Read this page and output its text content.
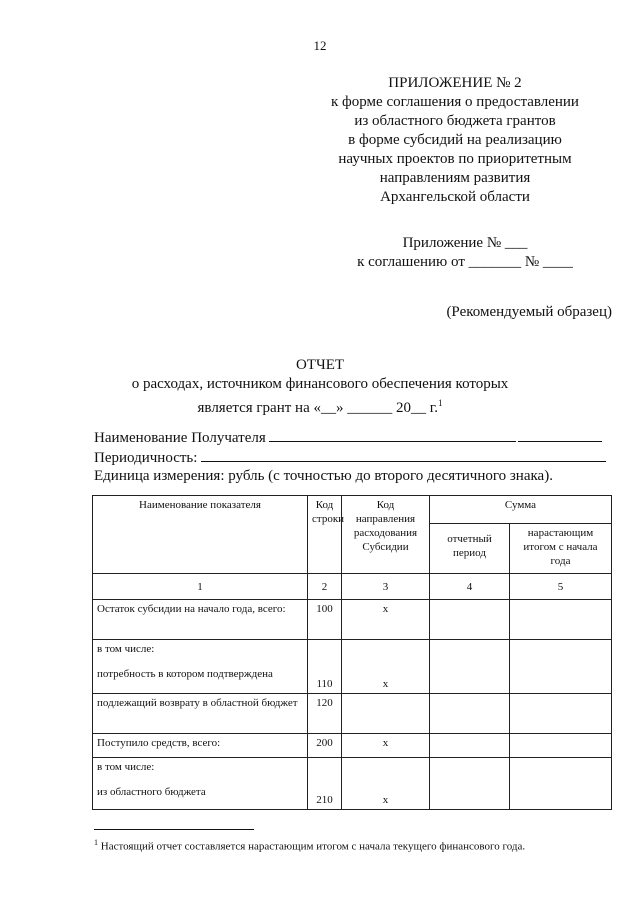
12
ПРИЛОЖЕНИЕ № 2
к форме соглашения о предоставлении
из областного бюджета грантов
в форме субсидий на реализацию
научных проектов по приоритетным
направлениям развития
Архангельской области
Приложение № ___
к соглашению от _______ № ____
(Рекомендуемый образец)
ОТЧЕТ
о расходах, источником финансового обеспечения которых
является грант на «__» ______ 20__ г.$^1$
Наименование Получателя
Периодичность:
Единица измерения: рубль (с точностью до второго десятичного знака).
Наименование показателя	Код строки	Код направления расходования Субсидии	Сумма	
			отчетный период	нарастающим итогом с начала года
1	2	3	4	5
Остаток субсидии на начало года, всего:	100	х		

в том числе:
потребность в котором подтверждена	110	х		
подлежащий возврату в областной бюджет	120			
Поступило средств, всего:	200	х		

в том числе:
из областного бюджета	210	х		
$^1$ Настоящий отчет составляется нарастающим итогом с начала текущего финансового года.
